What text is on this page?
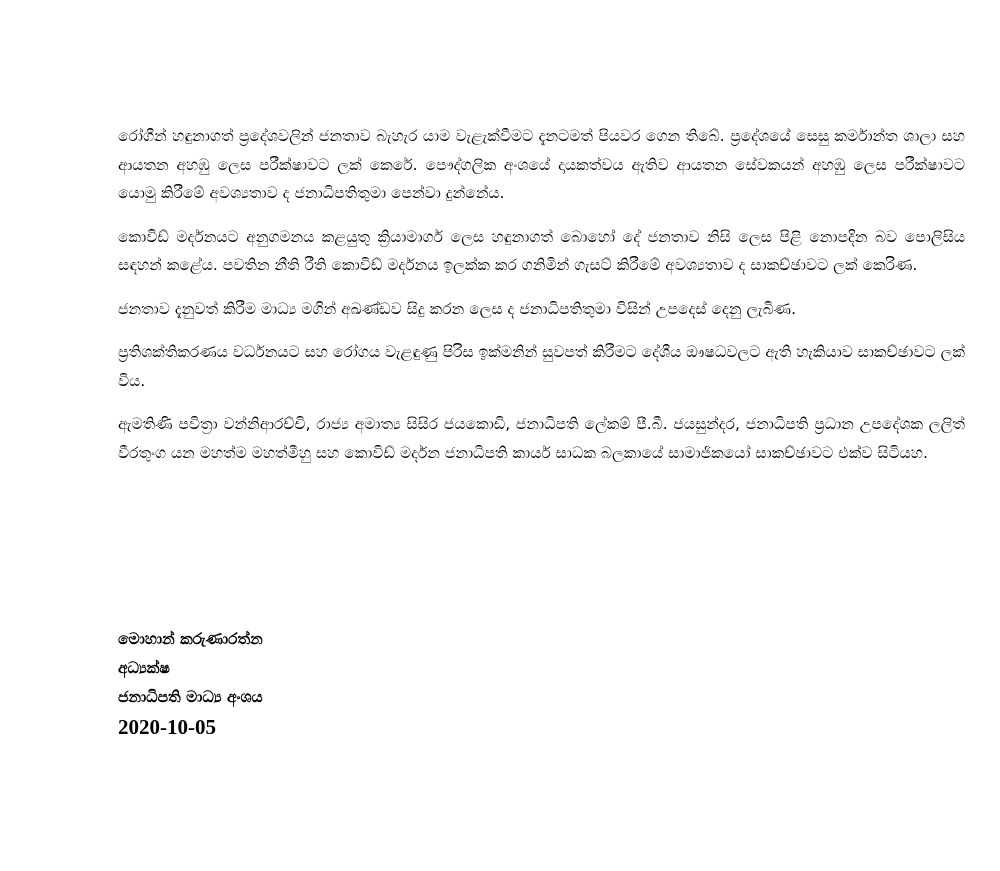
රෝගීන් හඳුනාගත් ප්‍රදේශවලින් ජනතාව බැහැර යාම වැළැක්වීමට දැනටමත් පියවර ගෙන තිබේ. ප්‍රදේශයේ සෙසු කර්මාන්ත ශාලා සහ ආයතන අහඹු ලෙස පරීක්ෂාවට ලක් කෙරේ. පෞද්ගලික අංශයේ දායකත්වය ඇතිව ආයතන සේවකයන් අහඹු ලෙස පරීක්ෂාවට යොමු කිරීමේ අවශ්‍යතාව ද ජනාධිපතිතුමා පෙන්වා දුන්නේය.

කොවිඩ් මර්දනයට අනුගමනය කළයුතු ක්‍රියාමාර්ග ලෙස හඳුනාගත් බොහෝ දේ ජනතාව නිසි ලෙස පිළි නොපදින බව පොලිසිය සඳහන් කළේය. පවතින නීති රීති කොවිඩ් මර්දනය ඉලක්ක කර ගනිමින් ගැසට් කිරීමේ අවශ්‍යතාව ද සාකච්ඡාවට ලක් කෙරිණ.

ජනතාව දැනුවත් කිරීම මාධ්‍ය මගින් අඛණ්ඩව සිදු කරන ලෙස ද ජනාධිපතිතුමා විසින් උපදෙස් දෙනු ලැබිණ.

ප්‍රතිශක්තිකරණය වර්ධනයට සහ රෝගය වැළඳුණු පිරිස ඉක්මනින් සුවපත් කිරීමට දේශීය ඖෂධවලට ඇති හැකියාව සාකච්ඡාවට ලක් විය.

ඇමතිණි පවිත්‍රා වන්නිආරච්චි, රාජ්‍ය අමාත්‍ය සිසිර ජයකොඩි, ජනාධිපති ලේකම් පී.බී. ජයසුන්දර, ජනාධිපති ප්‍රධාන උපදේශක ලලිත් වීරතුංග යන මහත්ම මහත්මීහු සහ කොවිඩ් මර්දන ජනාධිපති කාර්ය සාධක බලකායේ සාමාජිකයෝ සාකච්ඡාවට එක්ව සිටියහ.

මොහාන් කරුණාරත්න
අධ්‍යක්ෂ
ජනාධිපති මාධ්‍ය අංශය
2020-10-05
